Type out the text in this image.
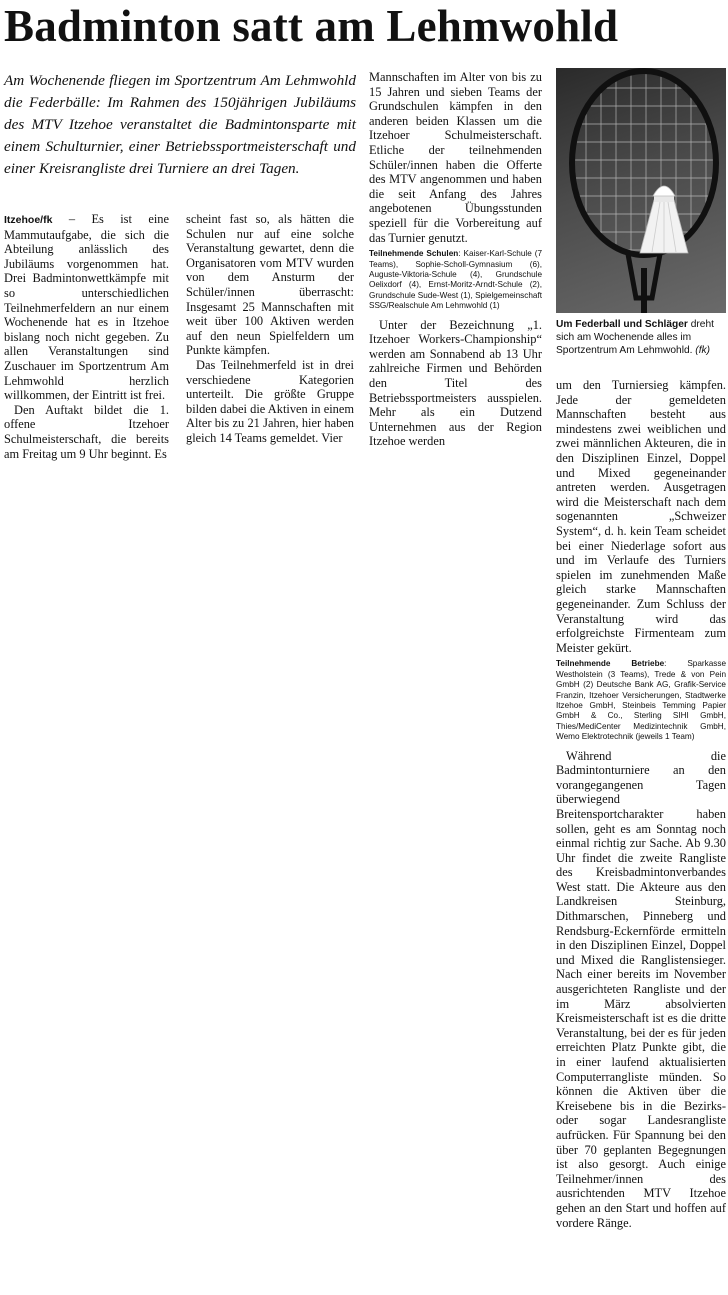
Badminton satt am Lehmwohld
Am Wochenende fliegen im Sportzentrum Am Lehmwohld die Federbälle: Im Rahmen des 150jährigen Jubiläums des MTV Itzehoe veranstaltet die Badmintonsparte mit einem Schulturnier, einer Betriebssportmeisterschaft und einer Kreisrangliste drei Turniere an drei Tagen.

Itzehoe/fk – Es ist eine Mammutaufgabe, die sich die Abteilung anlässlich des Jubiläums vorgenommen hat. Drei Badmintonwettkämpfe mit so unterschiedlichen Teilnehmerfeldern an nur einem Wochenende hat es in Itzehoe bislang noch nicht gegeben. Zu allen Veranstaltungen sind Zuschauer im Sportzentrum Am Lehmwohld herzlich willkommen, der Eintritt ist frei.

Den Auftakt bildet die 1. offene Itzehoer Schulmeisterschaft, die bereits am Freitag um 9 Uhr beginnt. Es

scheint fast so, als hätten die Schulen nur auf eine solche Veranstaltung gewartet, denn die Organisatoren vom MTV wurden von dem Ansturm der Schüler/innen überrascht: Insgesamt 25 Mannschaften mit weit über 100 Aktiven werden auf den neun Spielfeldern um Punkte kämpfen.

Das Teilnehmerfeld ist in drei verschiedene Kategorien unterteilt. Die größte Gruppe bilden dabei die Aktiven in einem Alter bis zu 21 Jahren, hier haben gleich 14 Teams gemeldet. Vier

Mannschaften im Alter von bis zu 15 Jahren und sieben Teams der Grundschulen kämpfen in den anderen beiden Klassen um die Itzehoer Schulmeisterschaft. Etliche der teilnehmenden Schüler/innen haben die Offerte des MTV angenommen und haben die seit Anfang des Jahres angebotenen Übungsstunden speziell für die Vorbereitung auf das Turnier genutzt.

Teilnehmende Schulen: Kaiser-Karl-Schule (7 Teams), Sophie-Scholl-Gymnasium (6), Auguste-Viktoria-Schule (4), Grundschule Oelixdorf (4), Ernst-Moritz-Arndt-Schule (2), Grundschule Sude-West (1), Spielgemeinschaft SSG/Realschule Am Lehmwohld (1)

Unter der Bezeichnung „1. Itzehoer Workers-Championship“ werden am Sonnabend ab 13 Uhr zahlreiche Firmen und Behörden den Titel des Betriebssportmeisters ausspielen. Mehr als ein Dutzend Unternehmen aus der Region Itzehoe werden

Um Federball und Schläger dreht sich am Wochenende alles im Sportzentrum Am Lehmwohld. (fk)

um den Turniersieg kämpfen. Jede der gemeldeten Mannschaften besteht aus mindestens zwei weiblichen und zwei männlichen Akteuren, die in den Disziplinen Einzel, Doppel und Mixed gegeneinander antreten werden. Ausgetragen wird die Meisterschaft nach dem sogenannten „Schweizer System“, d. h. kein Team scheidet bei einer Niederlage sofort aus und im Verlaufe des Turniers spielen im zunehmenden Maße gleich starke Mannschaften gegeneinander. Zum Schluss der Veranstaltung wird das erfolgreichste Firmenteam zum Meister gekürt.

Teilnehmende Betriebe: Sparkasse Westholstein (3 Teams), Trede & von Pein GmbH (2) Deutsche Bank AG, Grafik-Service Franzin, Itzehoer Versicherungen, Stadtwerke Itzehoe GmbH, Steinbeis Temming Papier GmbH & Co., Sterling SIHI GmbH, Thies/MediCenter Medizintechnik GmbH, Wemo Elektrotechnik (jeweils 1 Team)

Während die Badmintonturniere an den vorangegangenen Tagen überwiegend Breitensportcharakter haben sollen, geht es am Sonntag noch einmal richtig zur Sache. Ab 9.30 Uhr findet die zweite Rangliste des Kreisbadmintonverbandes West statt. Die Akteure aus den Landkreisen Steinburg, Dithmarschen, Pinneberg und Rendsburg-Eckernförde ermitteln in den Disziplinen Einzel, Doppel und Mixed die Ranglistensieger. Nach einer bereits im November ausgerichteten Rangliste und der im März absolvierten Kreismeisterschaft ist es die dritte Veranstaltung, bei der es für jeden erreichten Platz Punkte gibt, die in einer laufend aktualisierten Computerrangliste münden. So können die Aktiven über die Kreisebene bis in die Bezirks- oder sogar Landesrangliste aufrücken. Für Spannung bei den über 70 geplanten Begegnungen ist also gesorgt. Auch einige Teilnehmer/innen des ausrichtenden MTV Itzehoe gehen an den Start und hoffen auf vordere Ränge.
